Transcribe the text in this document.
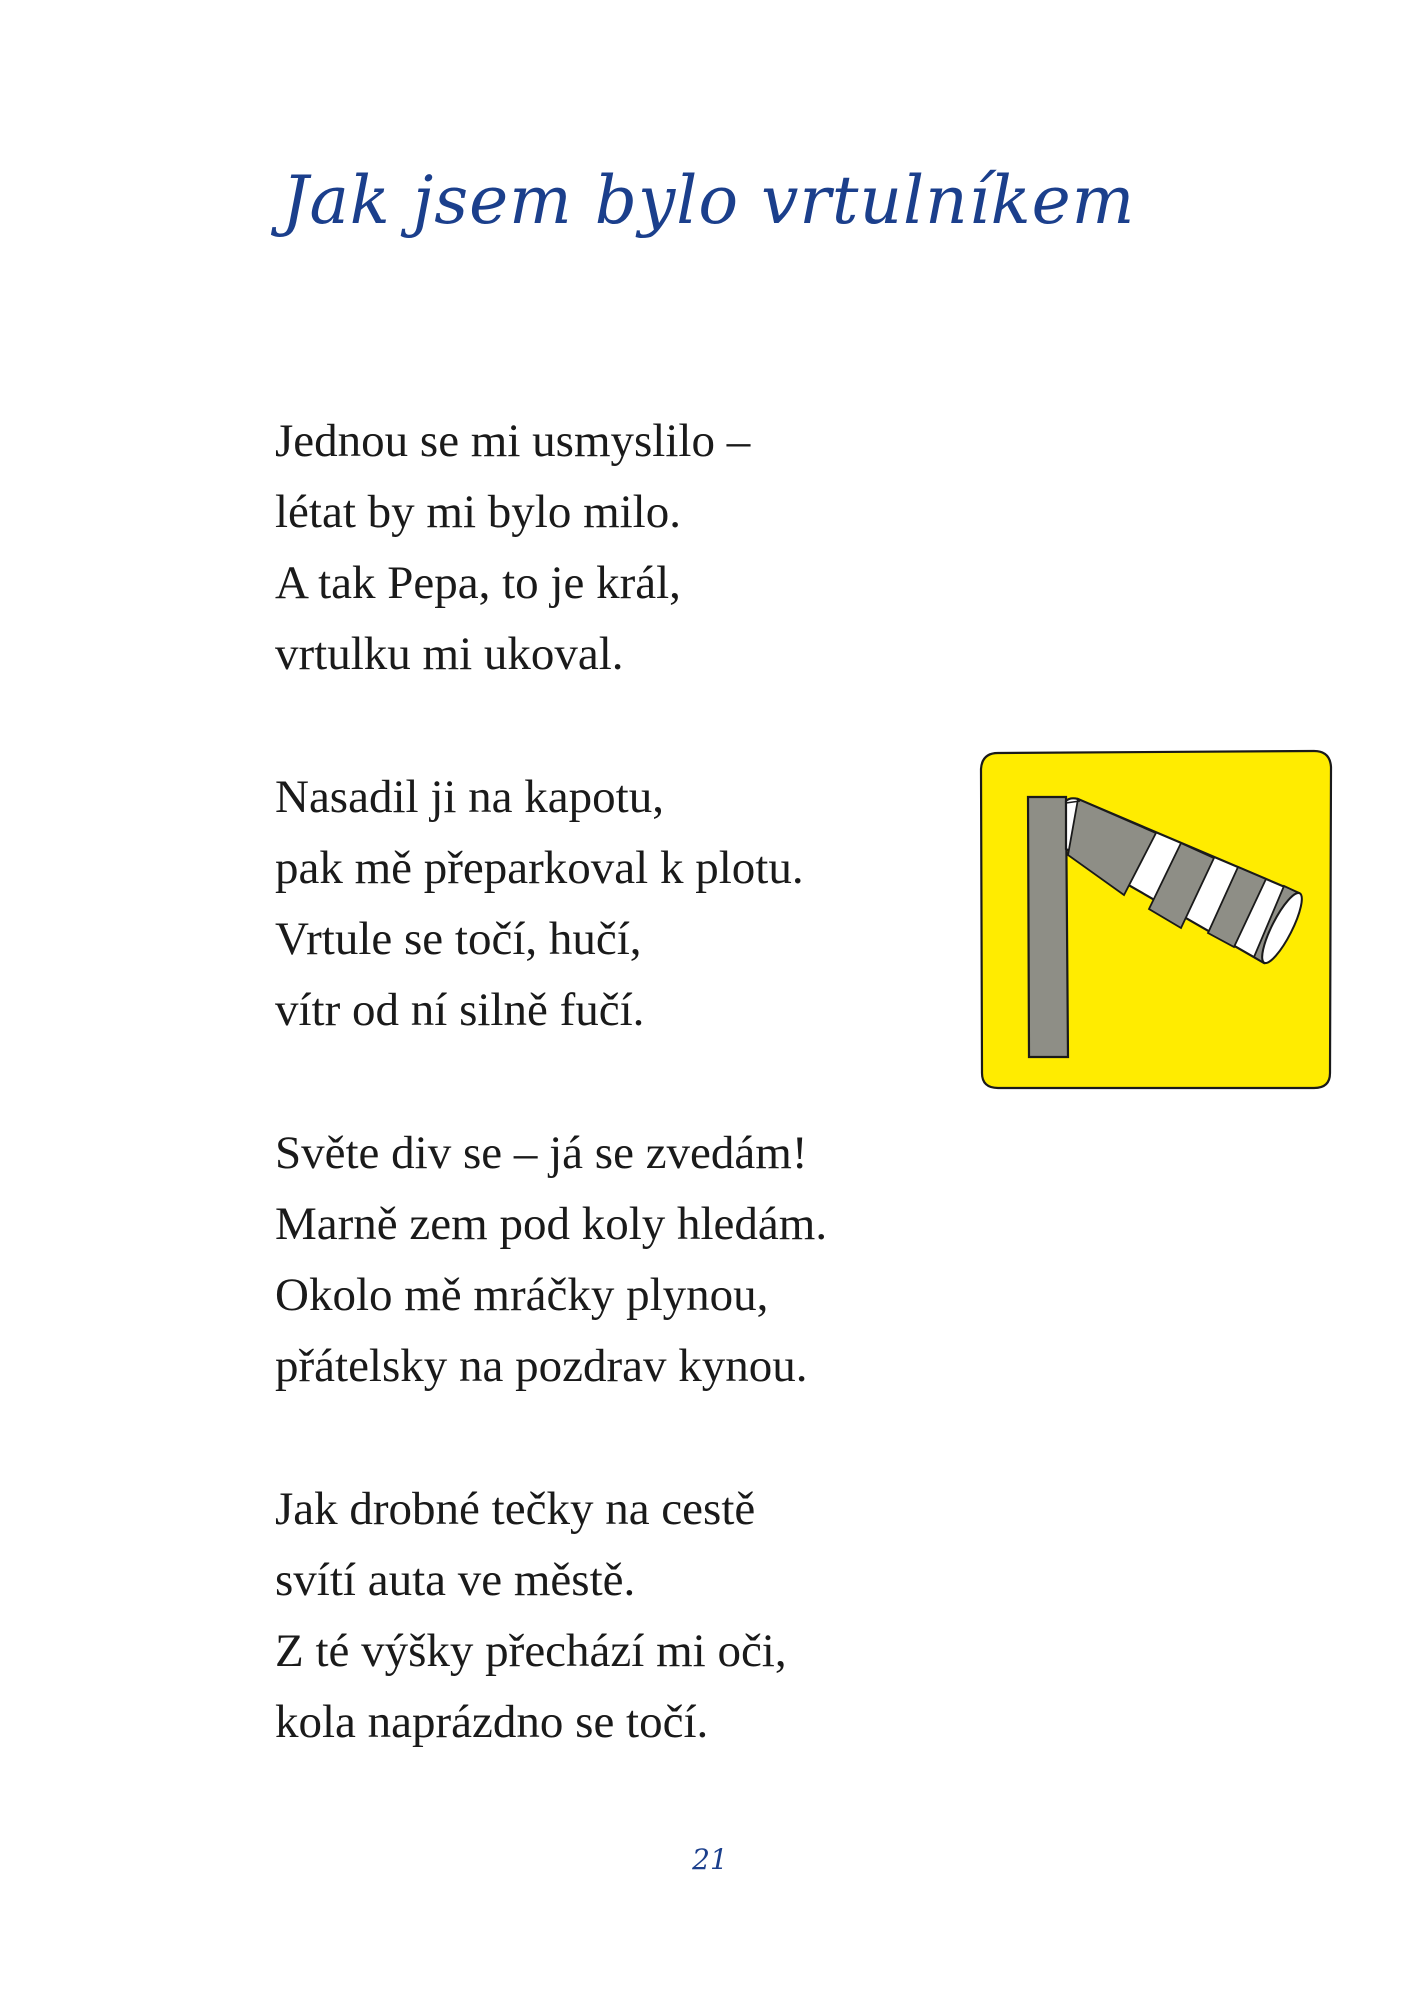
Jak jsem bylo vrtulníkem
Jednou se mi usmyslilo –
létat by mi bylo milo.
A tak Pepa, to je král,
vrtulku mi ukoval.
Nasadil ji na kapotu,
pak mě přeparkoval k plotu.
Vrtule se točí, hučí,
vítr od ní silně fučí.
Světe div se – já se zvedám!
Marně zem pod koly hledám.
Okolo mě mráčky plynou,
přátelsky na pozdrav kynou.
Jak drobné tečky na cestě
svítí auta ve městě.
Z té výšky přechází mi oči,
kola naprázdno se točí.
21
